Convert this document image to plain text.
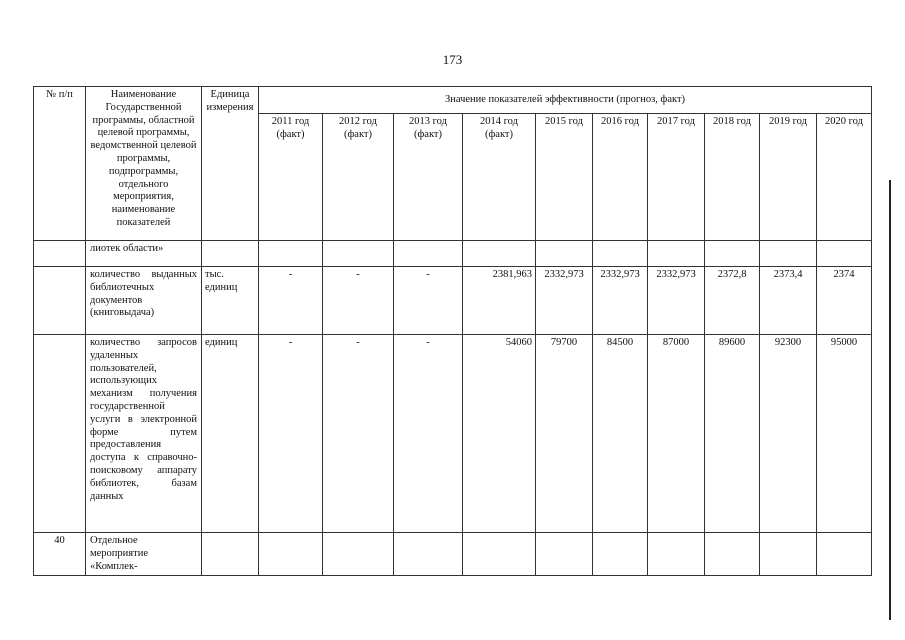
173
№ п/п	Наименование Государственной программы, областной целевой программы, ведомственной целевой программы, подпрограммы, отдельного мероприятия, наименование показателей	Единица измерения	Значение показателей эффективности (прогноз, факт)									
			2011 год (факт)	2012 год (факт)	2013 год (факт)	2014 год (факт)	2015 год	2016 год	2017 год	2018 год	2019 год	2020 год
	лиотек области»											
	количество выданных библиотечных документов (книговыдача)	тыс. единиц	-	-	-	2381,963	2332,973	2332,973	2332,973	2372,8	2373,4	2374
	количество запросов удаленных пользователей, использующих механизм получения государственной услуги в электронной форме путем предоставления доступа к справочно-поисковому аппарату библиотек, базам данных	единиц	-	-	-	54060	79700	84500	87000	89600	92300	95000
40	Отдельное мероприятие «Комплек-											
